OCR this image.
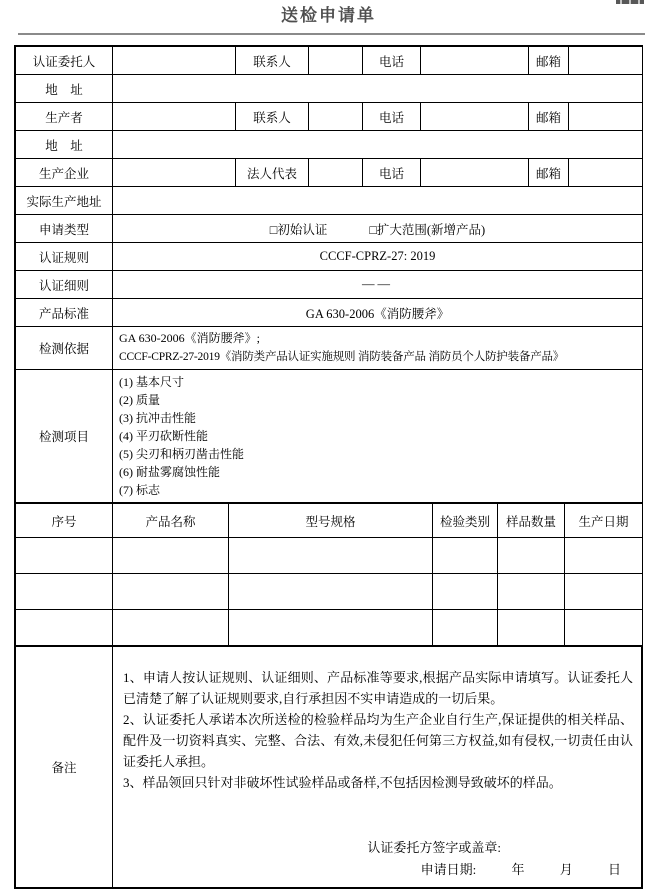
送检申请单
认证委托人		联系人		电话		邮箱	
地　址							
生产者		联系人		电话		邮箱	
地　址							
生产企业		法人代表		电话		邮箱	
实际生产地址							
申请类型	□初始认证 □扩大范围(新增产品)						

认证规则	CCCF-CPRZ-27: 2019						
认证细则	——						
产品标准	GA 630-2006《消防腰斧》						
检测依据	GA 630-2006《消防腰斧》;
CCCF-CPRZ-27-2019《消防类产品认证实施规则 消防装备产品 消防员个人防护装备产品》						

检测项目	
(1) 基本尺寸
(2) 质量
(3) 抗冲击性能
(4) 平刃砍断性能
(5) 尖刃和柄刃凿击性能
(6) 耐盐雾腐蚀性能
(7) 标志
序号	产品名称	型号规格	检验类别	样品数量	生产日期

备注	
1、申请人按认证规则、认证细则、产品标准等要求,根据产品实际申请填写。认证委托人已清楚了解了认证规则要求,自行承担因不实申请造成的一切后果。
2、认证委托人承诺本次所送检的检验样品均为生产企业自行生产,保证提供的相关样品、配件及一切资料真实、完整、合法、有效,未侵犯任何第三方权益,如有侵权,一切责任由认证委托人承担。
3、样品领回只针对非破坏性试验样品或备样,不包括因检测导致破坏的样品。
认证委托方签字或盖章:
申请日期:	年	月	日
